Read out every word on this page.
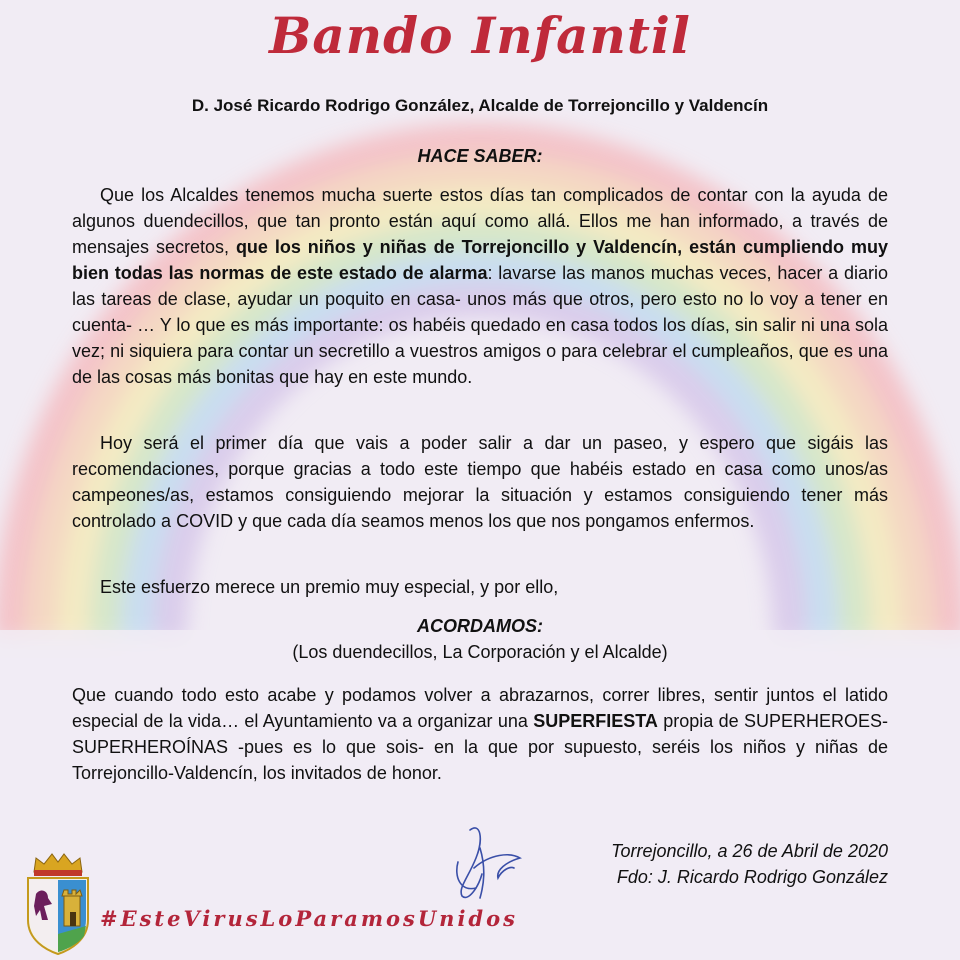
Bando Infantil
D. José Ricardo Rodrigo González, Alcalde de Torrejoncillo y Valdencín
HACE SABER:

Que los Alcaldes tenemos mucha suerte estos días tan complicados de contar con la ayuda de algunos duendecillos, que tan pronto están aquí como allá. Ellos me han informado, a través de mensajes secretos, que los niños y niñas de Torrejoncillo y Valdencín, están cumpliendo muy bien todas las normas de este estado de alarma: lavarse las manos muchas veces, hacer a diario las tareas de clase, ayudar un poquito en casa- unos más que otros, pero esto no lo voy a tener en cuenta- … Y lo que es más importante: os habéis quedado en casa todos los días, sin salir ni una sola vez; ni siquiera para contar un secretillo a vuestros amigos o para celebrar el cumpleaños, que es una de las cosas más bonitas que hay en este mundo.

Hoy será el primer día que vais a poder salir a dar un paseo, y espero que sigáis las recomendaciones, porque gracias a todo este tiempo que habéis estado en casa como unos/as campeones/as, estamos consiguiendo mejorar la situación y estamos consiguiendo tener más controlado a COVID y que cada día seamos menos los que nos pongamos enfermos.

Este esfuerzo merece un premio muy especial, y por ello,

ACORDAMOS:
(Los duendecillos, La Corporación y el Alcalde)

Que cuando todo esto acabe y podamos volver a abrazarnos, correr libres, sentir juntos el latido especial de la vida… el Ayuntamiento va a organizar una SUPERFIESTA propia de SUPERHEROES-SUPERHEROÍNAS -pues es lo que sois- en la que por supuesto, seréis los niños y niñas de Torrejoncillo-Valdencín, los invitados de honor.

Torrejoncillo, a 26 de Abril de 2020
Fdo: J. Ricardo Rodrigo González
#EsteVirusLoParamosUnidos
